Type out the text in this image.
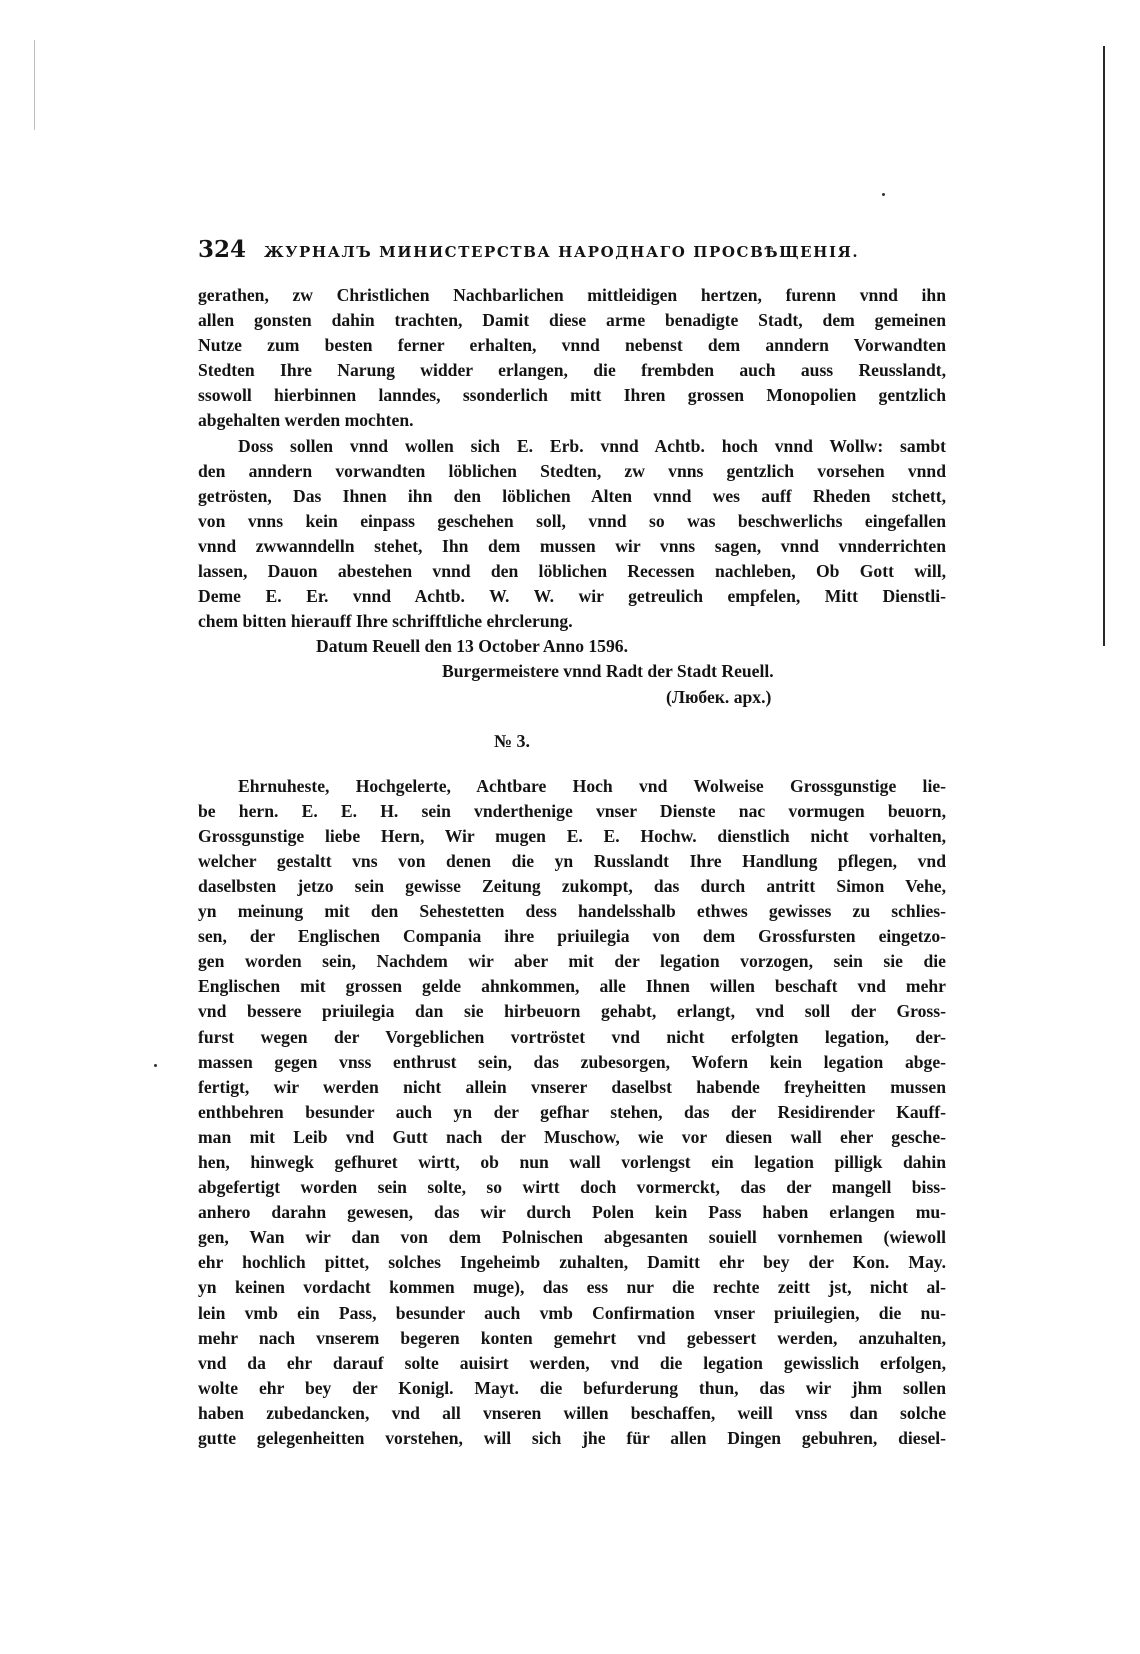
324	ЖУРНАЛЪ МИНИСТЕРСТВА НАРОДНАГО ПРОСВѢЩЕНІЯ.
gerathen, zw Christlichen Nachbarlichen mittleidigen hertzen, furenn vnnd ihn
allen gonsten dahin trachten, Damit diese arme benadigte Stadt, dem gemeinen
Nutze zum besten ferner erhalten, vnnd nebenst dem anndern Vorwandten
Stedten Ihre Narung widder erlangen, die frembden auch auss Reusslandt,
ssowoll hierbinnen lanndes, ssonderlich mitt Ihren grossen Monopolien gentzlich
abgehalten werden mochten.
Doss sollen vnnd wollen sich E. Erb. vnnd Achtb. hoch vnnd Wollw: sambt
den anndern vorwandten löblichen Stedten, zw vnns gentzlich vorsehen vnnd
getrösten, Das Ihnen ihn den löblichen Alten vnnd wes auff Rheden stchett,
von vnns kein einpass geschehen soll, vnnd so was beschwerlichs eingefallen
vnnd zwwanndelln stehet, Ihn dem mussen wir vnns sagen, vnnd vnnderrichten
lassen, Dauon abestehen vnnd den löblichen Recessen nachleben, Ob Gott will,
Deme E. Er. vnnd Achtb. W. W. wir getreulich empfelen, Mitt Dienstli-
chem bitten hierauff Ihre schrifftliche ehrclerung.
Datum Reuell den 13 October Anno 1596.
Burgermeistere vnnd Radt der Stadt Reuell.
(Любек. арх.)
№ 3.
Ehrnuheste, Hochgelerte, Achtbare Hoch vnd Wolweise Grossgunstige lie-
be hern. E. E. H. sein vnderthenige vnser Dienste nac vormugen beuorn,
Grossgunstige liebe Hern, Wir mugen E. E. Hochw. dienstlich nicht vorhalten,
welcher gestaltt vns von denen die yn Russlandt Ihre Handlung pflegen, vnd
daselbsten jetzo sein gewisse Zeitung zukompt, das durch antritt Simon Vehe,
yn meinung mit den Sehestetten dess handelsshalb ethwes gewisses zu schlies-
sen, der Englischen Compania ihre priuilegia von dem Grossfursten eingetzo-
gen worden sein, Nachdem wir aber mit der legation vorzogen, sein sie die
Englischen mit grossen gelde ahnkommen, alle Ihnen willen beschaft vnd mehr
vnd bessere priuilegia dan sie hirbeuorn gehabt, erlangt, vnd soll der Gross-
furst wegen der Vorgeblichen vortröstet vnd nicht erfolgten legation, der-
massen gegen vnss enthrust sein, das zubesorgen, Wofern kein legation abge-
fertigt, wir werden nicht allein vnserer daselbst habende freyheitten mussen
enthbehren besunder auch yn der gefhar stehen, das der Residirender Kauff-
man mit Leib vnd Gutt nach der Muschow, wie vor diesen wall eher gesche-
hen, hinwegk gefhuret wirtt, ob nun wall vorlengst ein legation pilligk dahin
abgefertigt worden sein solte, so wirtt doch vormerckt, das der mangell biss-
anhero darahn gewesen, das wir durch Polen kein Pass haben erlangen mu-
gen, Wan wir dan von dem Polnischen abgesanten souiell vornhemen (wiewoll
ehr hochlich pittet, solches Ingeheimb zuhalten, Damitt ehr bey der Kon. May.
yn keinen vordacht kommen muge), das ess nur die rechte zeitt jst, nicht al-
lein vmb ein Pass, besunder auch vmb Confirmation vnser priuilegien, die nu-
mehr nach vnserem begeren konten gemehrt vnd gebessert werden, anzuhalten,
vnd da ehr darauf solte auisirt werden, vnd die legation gewisslich erfolgen,
wolte ehr bey der Konigl. Mayt. die befurderung thun, das wir jhm sollen
haben zubedancken, vnd all vnseren willen beschaffen, weill vnss dan solche
gutte gelegenheitten vorstehen, will sich jhe für allen Dingen gebuhren, diesel-
